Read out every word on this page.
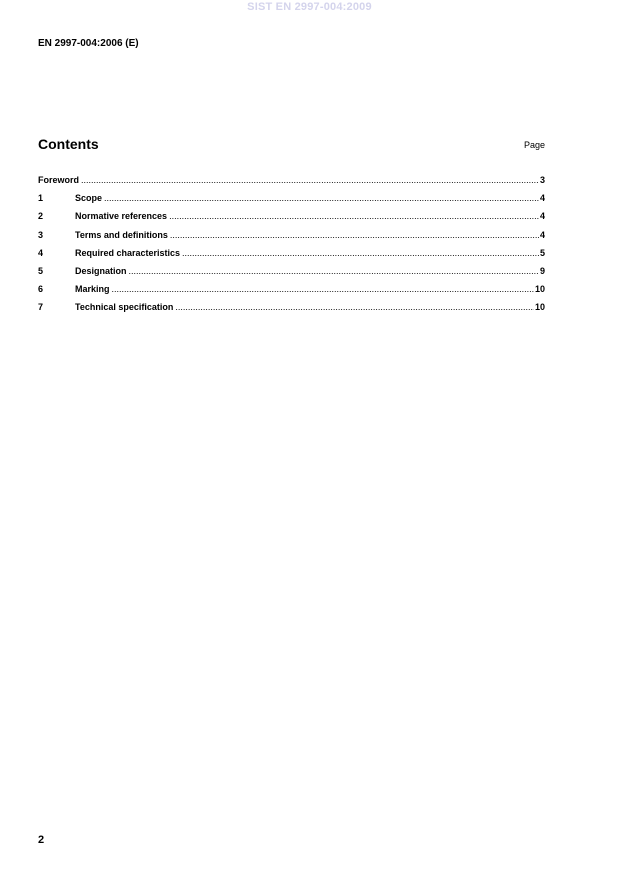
SIST EN 2997-004:2009
EN 2997-004:2006 (E)
Contents	Page
Foreword .....	3
1	Scope .....	4
2	Normative references .....	4
3	Terms and definitions .....	4
4	Required characteristics .....	5
5	Designation .....	9
6	Marking .....	10
7	Technical specification .....	10
2
